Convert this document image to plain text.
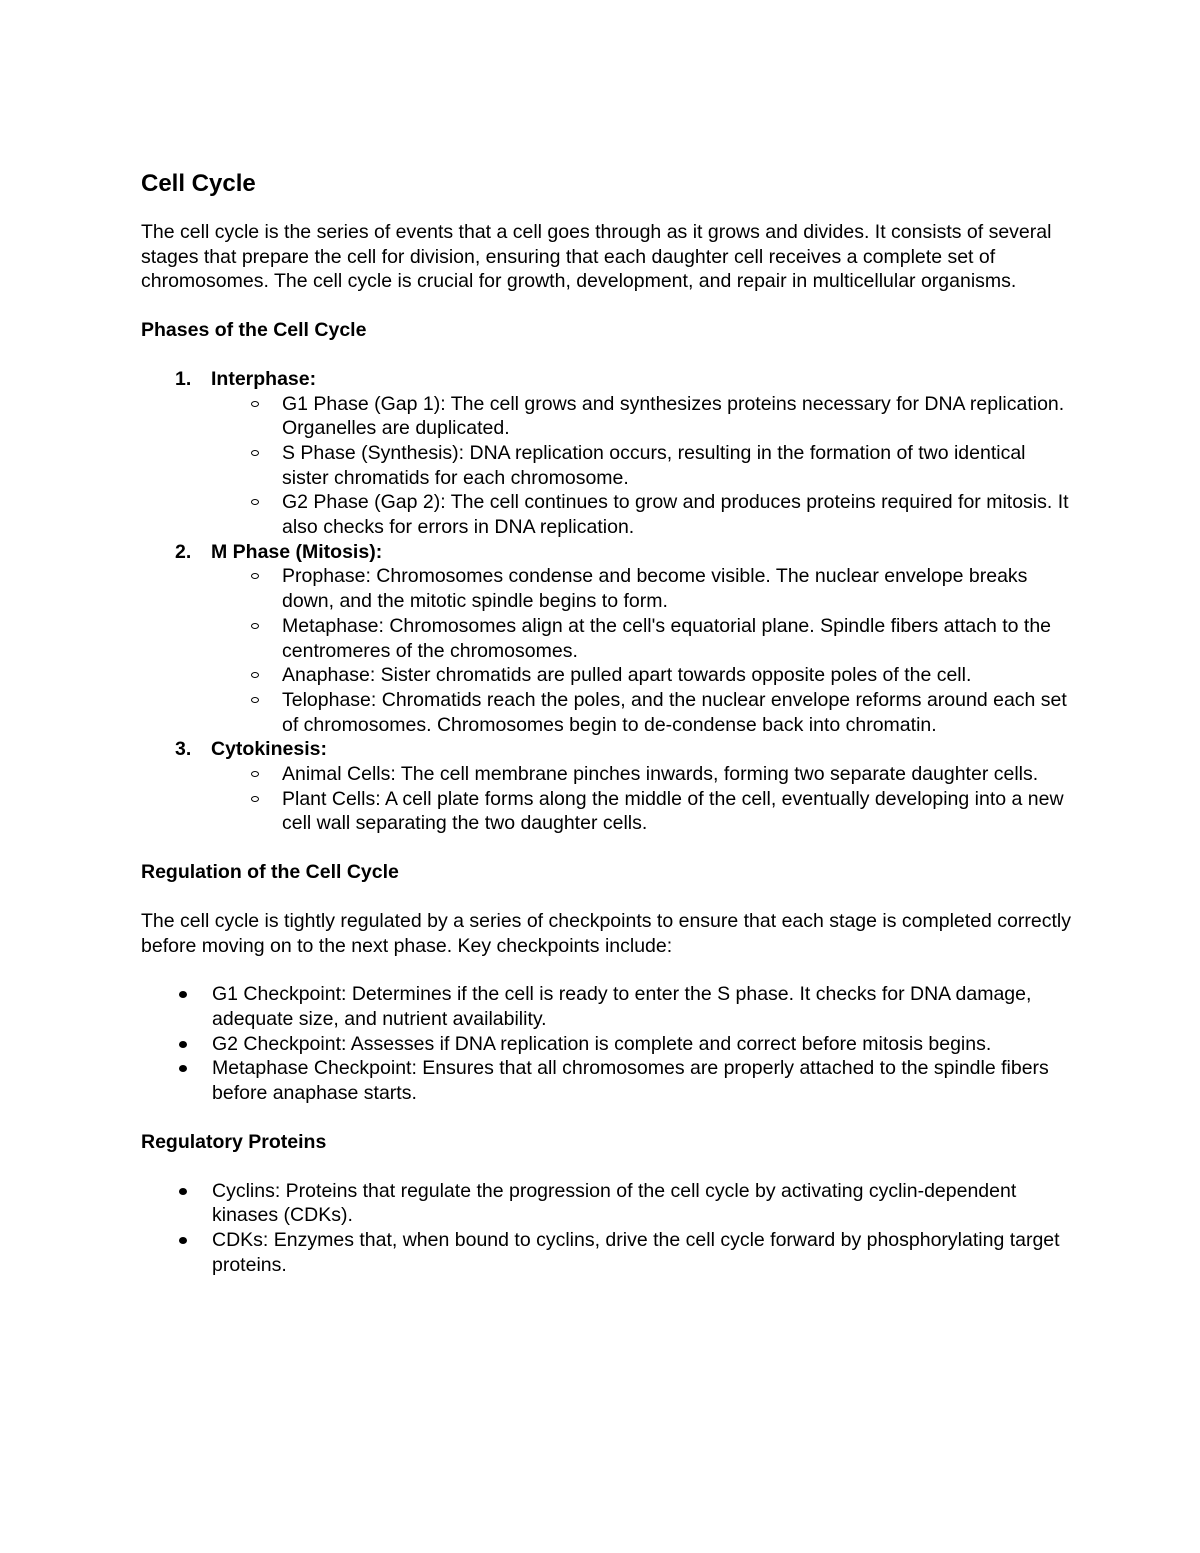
Cell Cycle

The cell cycle is the series of events that a cell goes through as it grows and divides. It consists of several stages that prepare the cell for division, ensuring that each daughter cell receives a complete set of chromosomes. The cell cycle is crucial for growth, development, and repair in multicellular organisms.

Phases of the Cell Cycle
1. Interphase:
G1 Phase (Gap 1): The cell grows and synthesizes proteins necessary for DNA replication. Organelles are duplicated.
S Phase (Synthesis): DNA replication occurs, resulting in the formation of two identical sister chromatids for each chromosome.
G2 Phase (Gap 2): The cell continues to grow and produces proteins required for mitosis. It also checks for errors in DNA replication.
2. M Phase (Mitosis):
Prophase: Chromosomes condense and become visible. The nuclear envelope breaks down, and the mitotic spindle begins to form.
Metaphase: Chromosomes align at the cell's equatorial plane. Spindle fibers attach to the centromeres of the chromosomes.
Anaphase: Sister chromatids are pulled apart towards opposite poles of the cell.
Telophase: Chromatids reach the poles, and the nuclear envelope reforms around each set of chromosomes. Chromosomes begin to de-condense back into chromatin.
3. Cytokinesis:
Animal Cells: The cell membrane pinches inwards, forming two separate daughter cells.
Plant Cells: A cell plate forms along the middle of the cell, eventually developing into a new cell wall separating the two daughter cells.
Regulation of the Cell Cycle

The cell cycle is tightly regulated by a series of checkpoints to ensure that each stage is completed correctly before moving on to the next phase. Key checkpoints include:

G1 Checkpoint: Determines if the cell is ready to enter the S phase. It checks for DNA damage, adequate size, and nutrient availability.
G2 Checkpoint: Assesses if DNA replication is complete and correct before mitosis begins.
Metaphase Checkpoint: Ensures that all chromosomes are properly attached to the spindle fibers before anaphase starts.
Regulatory Proteins
Cyclins: Proteins that regulate the progression of the cell cycle by activating cyclin-dependent kinases (CDKs).
CDKs: Enzymes that, when bound to cyclins, drive the cell cycle forward by phosphorylating target proteins.
